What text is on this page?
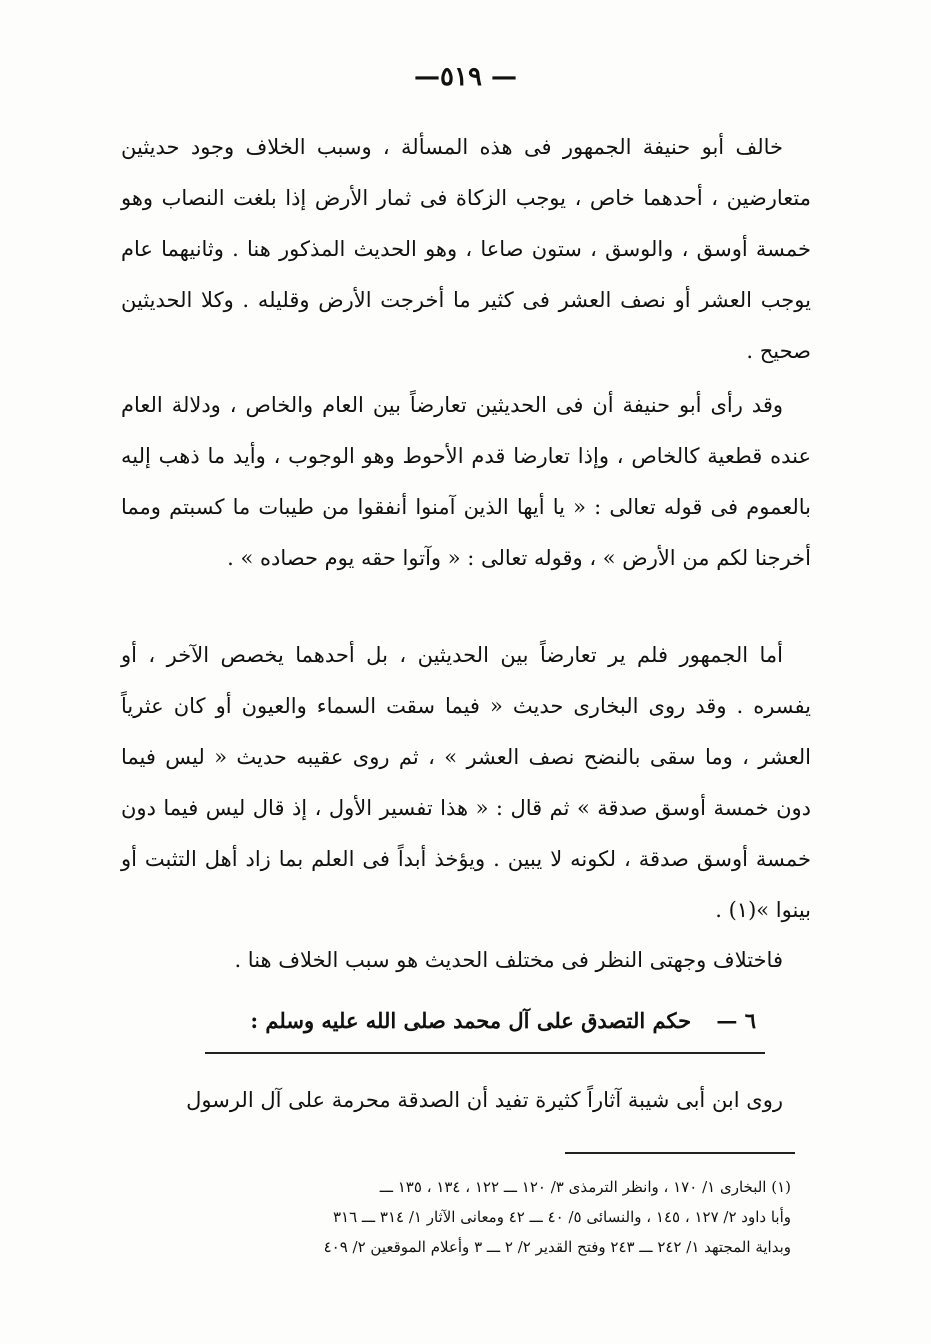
—٥١٩ —

خالف أبو حنيفة الجمهور فى هذه المسألة ، وسبب الخلاف وجود حديثين متعارضين ، أحدهما خاص ، يوجب الزكاة فى ثمار الأرض إذا بلغت النصاب وهو خمسة أوسق ، والوسق ، ستون صاعا ، وهو الحديث المذكور هنا . وثانيهما عام يوجب العشر أو نصف العشر فى كثير ما أخرجت الأرض وقليله . وكلا الحديثين صحيح .

وقد رأى أبو حنيفة أن فى الحديثين تعارضاً بين العام والخاص ، ودلالة العام عنده قطعية كالخاص ، وإذا تعارضا قدم الأحوط وهو الوجوب ، وأيد ما ذهب إليه بالعموم فى قوله تعالى : « يا أيها الذين آمنوا أنفقوا من طيبات ما كسبتم ومما أخرجنا لكم من الأرض » ، وقوله تعالى : « وآتوا حقه يوم حصاده » .

أما الجمهور فلم ير تعارضاً بين الحديثين ، بل أحدهما يخصص الآخر ، أو يفسره . وقد روى البخارى حديث « فيما سقت السماء والعيون أو كان عثرياً العشر ، وما سقى بالنضح نصف العشر » ، ثم روى عقيبه حديث « ليس فيما دون خمسة أوسق صدقة » ثم قال : « هذا تفسير الأول ، إذ قال ليس فيما دون خمسة أوسق صدقة ، لكونه لا يبين . ويؤخذ أبداً فى العلم بما زاد أهل التثبت أو بينوا »(١) .

فاختلاف وجهتى النظر فى مختلف الحديث هو سبب الخلاف هنا .

٦ — حكم التصدق على آل محمد صلى الله عليه وسلم :

روى ابن أبى شيبة آثاراً كثيرة تفيد أن الصدقة محرمة على آل الرسول

(١) البخارى ١/ ١٧٠ ، وانظر الترمذى ٣/ ١٢٠ ـــ ١٢٢ ، ١٣٤ ، ١٣٥ ـــ

وأبا داود ٢/ ١٢٧ ، ١٤٥ ، والنسائى ٥/ ٤٠ ـــ ٤٢ ومعانى الآثار ١/ ٣١٤ ـــ ٣١٦

وبداية المجتهد ١/ ٢٤٢ ـــ ٢٤٣ وفتح القدير ٢/ ٢ ـــ ٣ وأعلام الموقعين ٢/ ٤٠٩
